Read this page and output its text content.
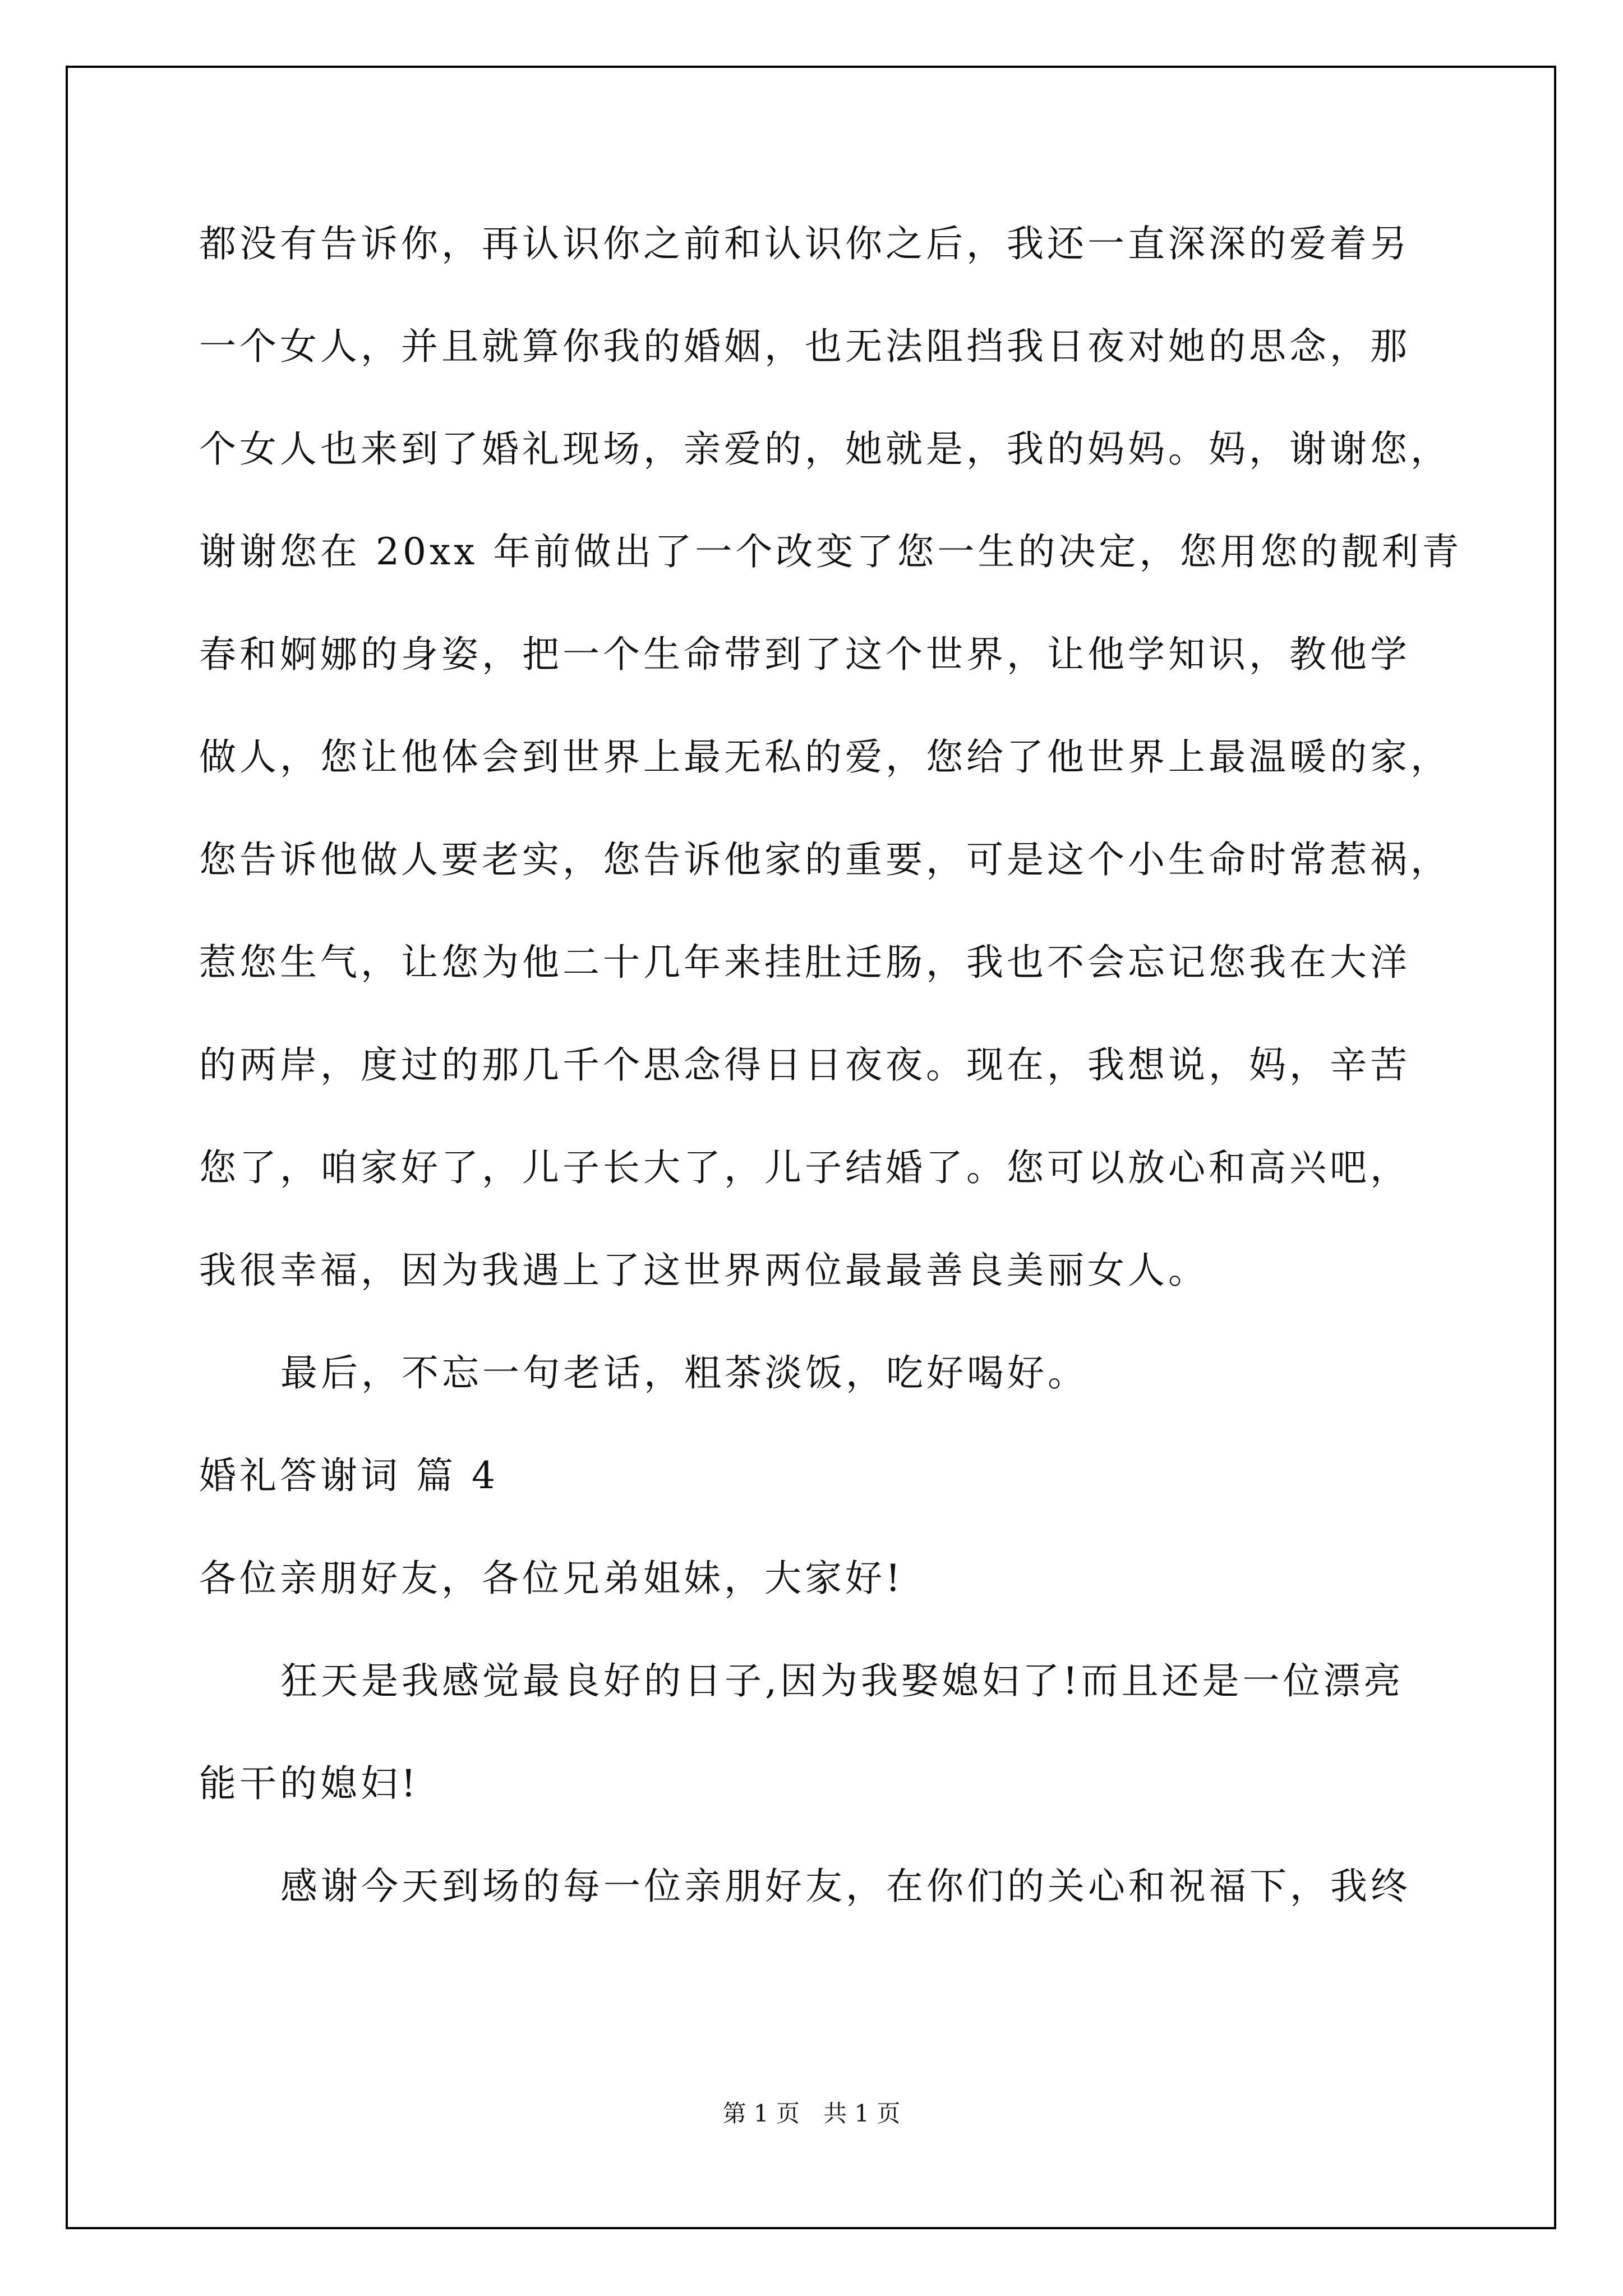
都没有告诉你，再认识你之前和认识你之后，我还一直深深的爱着另
一个女人，并且就算你我的婚姻，也无法阻挡我日夜对她的思念，那
个女人也来到了婚礼现场，亲爱的，她就是，我的妈妈。妈，谢谢您，
谢谢您在 20xx 年前做出了一个改变了您一生的决定，您用您的靓利青
春和婀娜的身姿，把一个生命带到了这个世界，让他学知识，教他学
做人，您让他体会到世界上最无私的爱，您给了他世界上最温暖的家，
您告诉他做人要老实，您告诉他家的重要，可是这个小生命时常惹祸，
惹您生气，让您为他二十几年来挂肚迁肠，我也不会忘记您我在大洋
的两岸，度过的那几千个思念得日日夜夜。现在，我想说，妈，辛苦
您了，咱家好了，儿子长大了，儿子结婚了。您可以放心和高兴吧，
我很幸福，因为我遇上了这世界两位最最善良美丽女人。
最后，不忘一句老话，粗茶淡饭，吃好喝好。
婚礼答谢词 篇 4
各位亲朋好友，各位兄弟姐妹，大家好!
狂天是我感觉最良好的日子,因为我娶媳妇了!而且还是一位漂亮
能干的媳妇!
感谢今天到场的每一位亲朋好友，在你们的关心和祝福下，我终
第 1 页　共 1 页
